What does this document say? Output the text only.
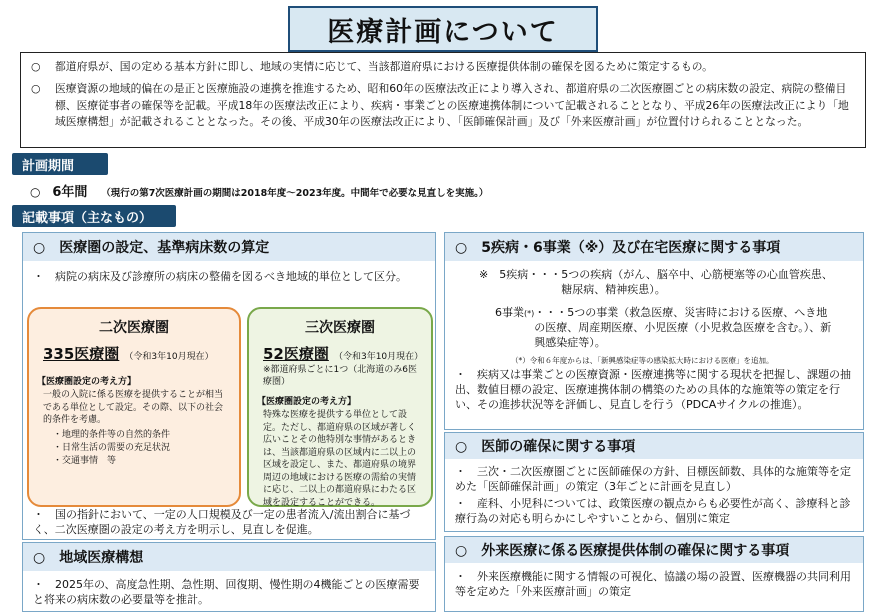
医療計画について
○	都道府県が、国の定める基本方針に即し、地域の実情に応じて、当該都道府県における医療提供体制の確保を図るために策定するもの。
○	医療資源の地域的偏在の是正と医療施設の連携を推進するため、昭和60年の医療法改正により導入され、都道府県の二次医療圏ごとの病床数の設定、病院の整備目標、医療従事者の確保等を記載。平成18年の医療法改正により、疾病・事業ごとの医療連携体制について記載されることとなり、平成26年の医療法改正により「地域医療構想」が記載されることとなった。その後、平成30年の医療法改正により、「医師確保計画」及び「外来医療計画」が位置付けられることとなった。
計画期間
○ 6年間 （現行の第7次医療計画の期間は2018年度～2023年度。中間年で必要な見直しを実施。）
記載事項（主なもの）
○　医療圏の設定、基準病床数の算定
・　病院の病床及び診療所の病床の整備を図るべき地域的単位として区分。
二次医療圏
335医療圏 （令和3年10月現在）
【医療圏設定の考え方】
一般の入院に係る医療を提供することが相当である単位として設定。その際、以下の社会的条件を考慮。
・地理的条件等の自然的条件
・日常生活の需要の充足状況
・交通事情　等
三次医療圏
52医療圏 （令和3年10月現在）
※都道府県ごとに1つ（北海道のみ6医療圏）
【医療圏設定の考え方】
特殊な医療を提供する単位として設定。ただし、都道府県の区域が著しく広いことその他特別な事情があるときは、当該都道府県の区域内に二以上の区域を設定し、また、都道府県の境界周辺の地域における医療の需給の実情に応じ、二以上の都道府県にわたる区域を設定することができる。
・　国の指針において、一定の人口規模及び一定の患者流入/流出割合に基づく、二次医療圏の設定の考え方を明示し、見直しを促進。
○　地域医療構想
・　2025年の、高度急性期、急性期、回復期、慢性期の4機能ごとの医療需要と将来の病床数の必要量等を推計。
○　5疾病・6事業（※）及び在宅医療に関する事項
※　5疾病・・・ 5つの疾病（がん、脳卒中、心筋梗塞等の心血管疾患、糖尿病、精神疾患）。
6事業(*) ・・・5つの事業（救急医療、災害時における医療、へき地の医療、周産期医療、小児医療（小児救急医療を含む。）、新興感染症等）。
（*）令和６年度からは、「新興感染症等の感染拡大時における医療」を追加。
・　疾病又は事業ごとの医療資源・医療連携等に関する現状を把握し、課題の抽出、数値目標の設定、医療連携体制の構築のための具体的な施策等の策定を行い、その進捗状況等を評価し、見直しを行う（PDCAサイクルの推進）。
○　医師の確保に関する事項
・　三次・二次医療圏ごとに医師確保の方針、目標医師数、具体的な施策等を定めた「医師確保計画」の策定（3年ごとに計画を見直し）
・　産科、小児科については、政策医療の観点からも必要性が高く、診療科と診療行為の対応も明らかにしやすいことから、個別に策定
○　外来医療に係る医療提供体制の確保に関する事項
・　外来医療機能に関する情報の可視化、協議の場の設置、医療機器の共同利用等を定めた「外来医療計画」の策定
